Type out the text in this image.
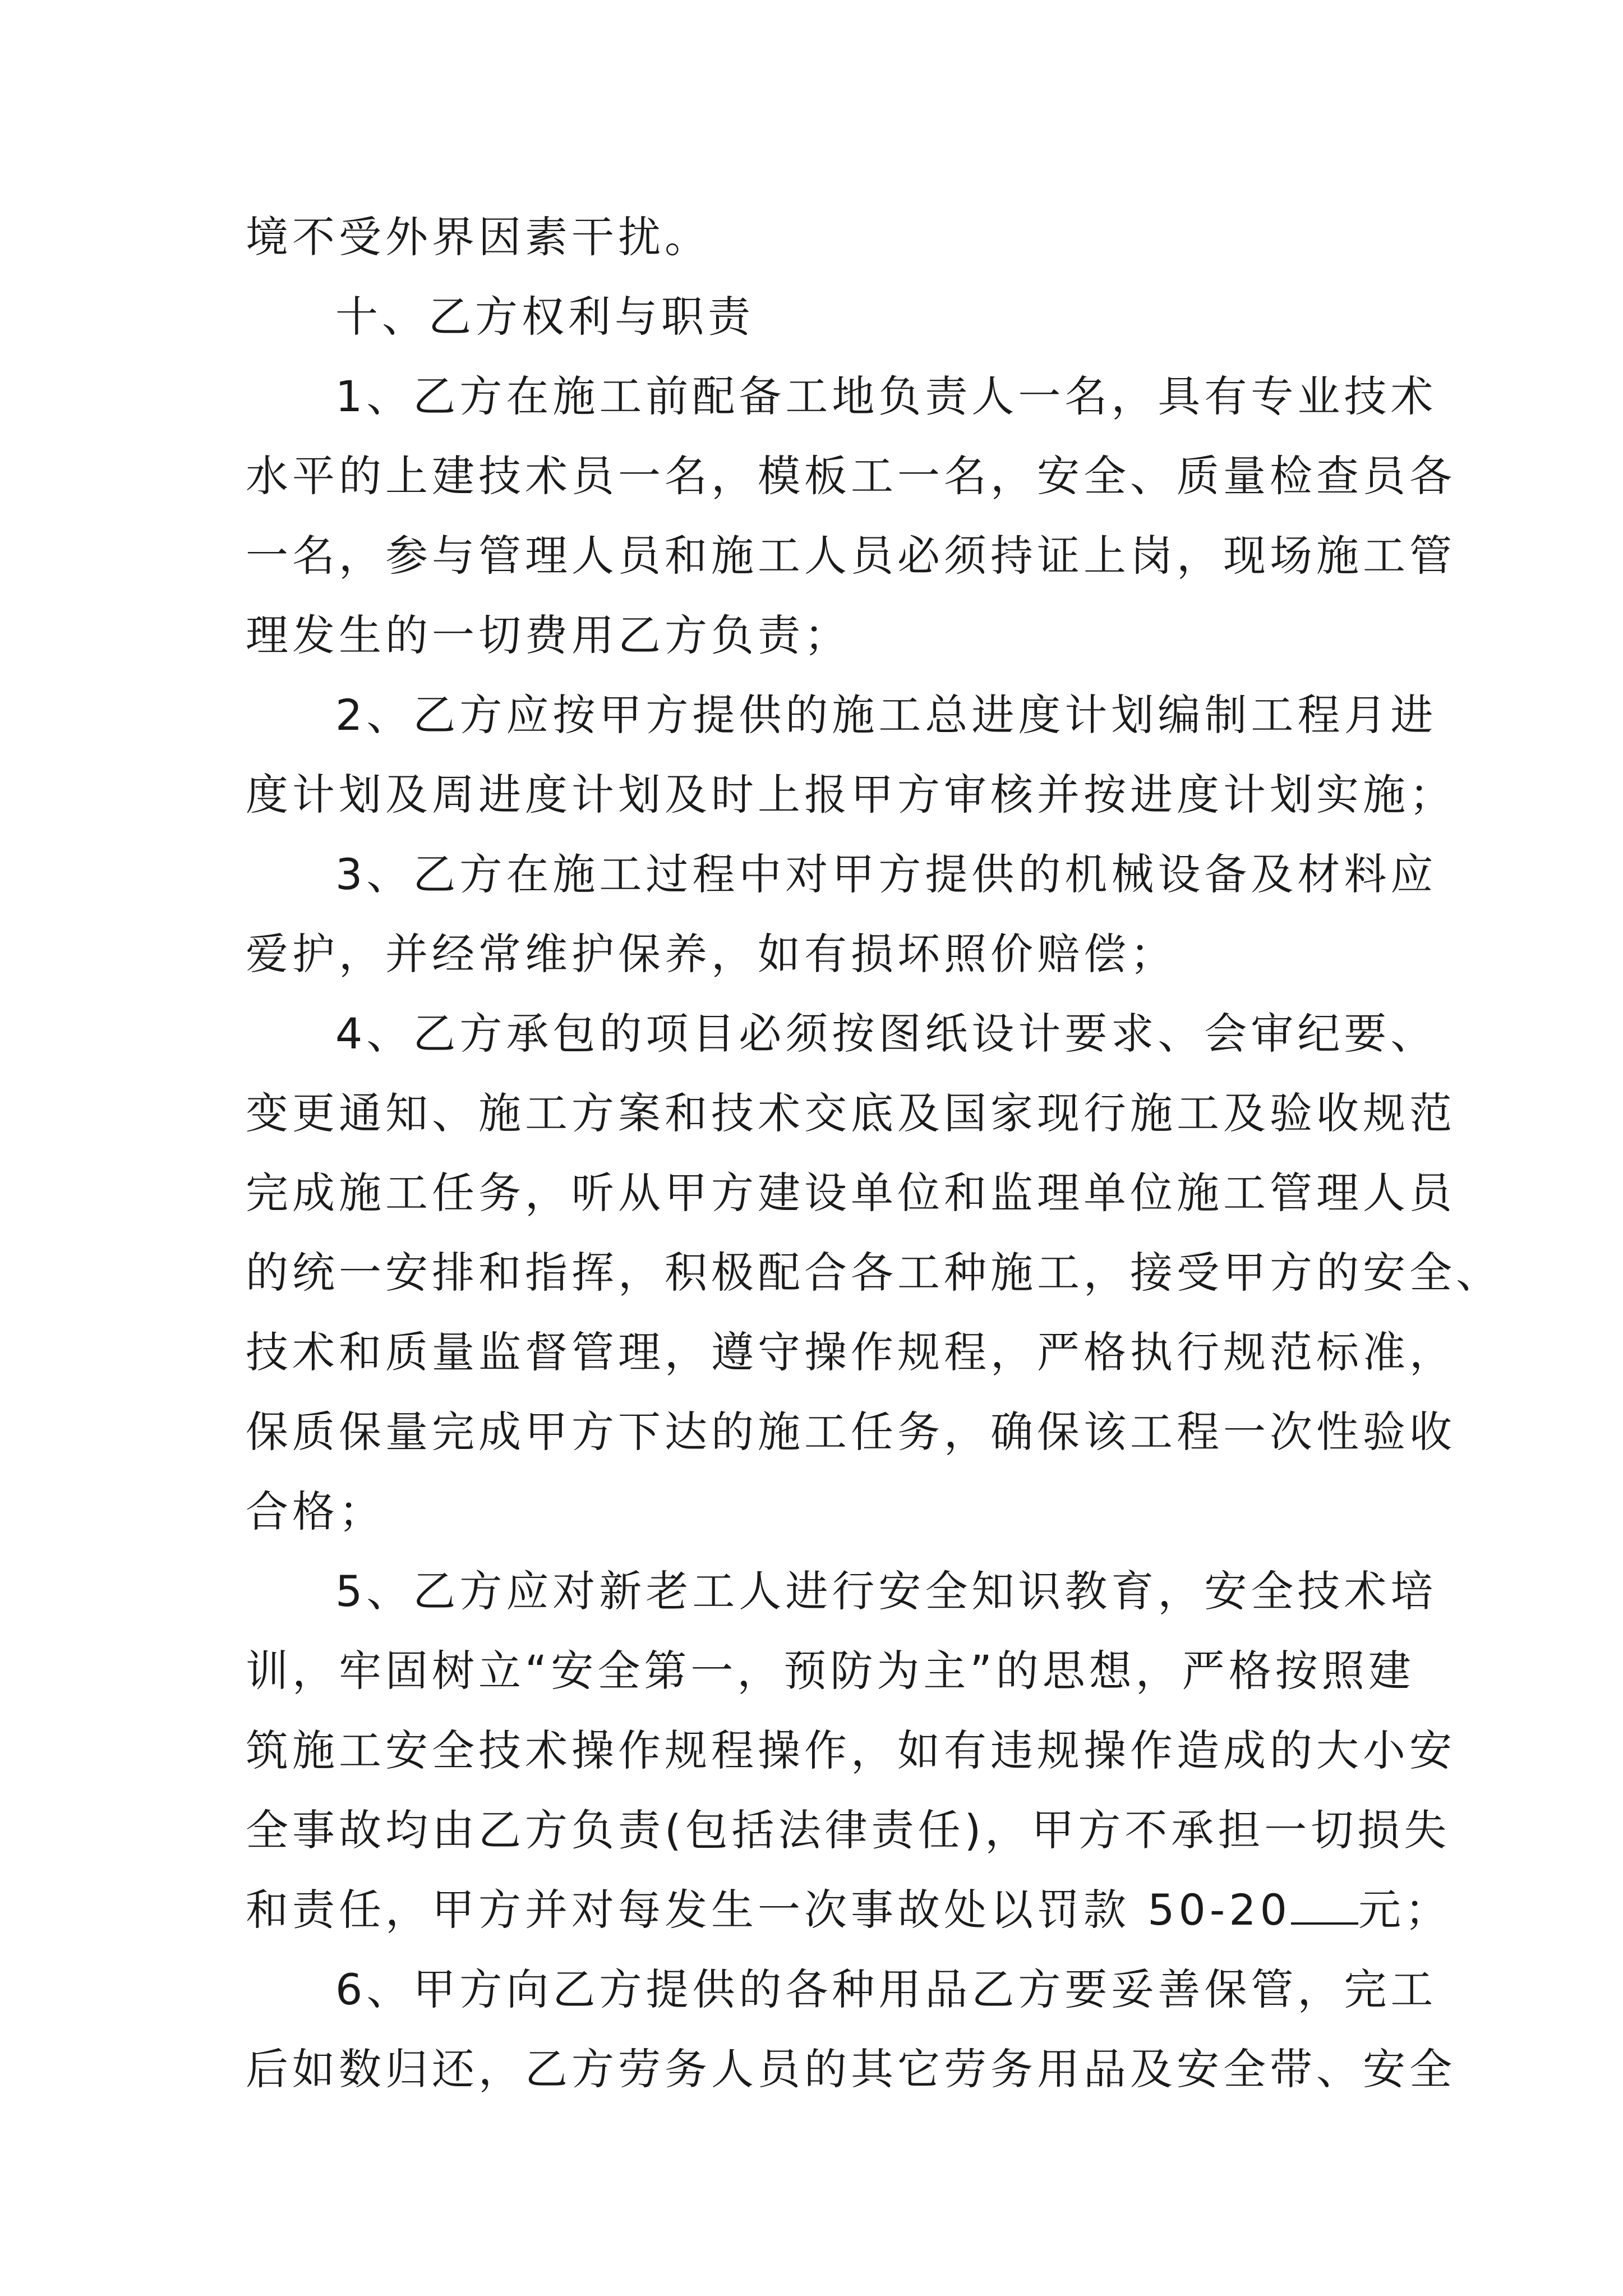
境不受外界因素干扰。
十、乙方权利与职责
1、乙方在施工前配备工地负责人一名，具有专业技术
水平的上建技术员一名，模板工一名，安全、质量检查员各
一名，参与管理人员和施工人员必须持证上岗，现场施工管
理发生的一切费用乙方负责；
2、乙方应按甲方提供的施工总进度计划编制工程月进
度计划及周进度计划及时上报甲方审核并按进度计划实施；
3、乙方在施工过程中对甲方提供的机械设备及材料应
爱护，并经常维护保养，如有损坏照价赔偿；
4、乙方承包的项目必须按图纸设计要求、会审纪要、
变更通知、施工方案和技术交底及国家现行施工及验收规范
完成施工任务，听从甲方建设单位和监理单位施工管理人员
的统一安排和指挥，积极配合各工种施工，接受甲方的安全、
技术和质量监督管理，遵守操作规程，严格执行规范标准，
保质保量完成甲方下达的施工任务，确保该工程一次性验收
合格；
5、乙方应对新老工人进行安全知识教育，安全技术培
训，牢固树立“安全第一，预防为主”的思想，严格按照建
筑施工安全技术操作规程操作，如有违规操作造成的大小安
全事故均由乙方负责(包括法律责任)，甲方不承担一切损失
和责任，甲方并对每发生一次事故处以罚款 50-20 元；
6、甲方向乙方提供的各种用品乙方要妥善保管，完工
后如数归还，乙方劳务人员的其它劳务用品及安全带、安全
